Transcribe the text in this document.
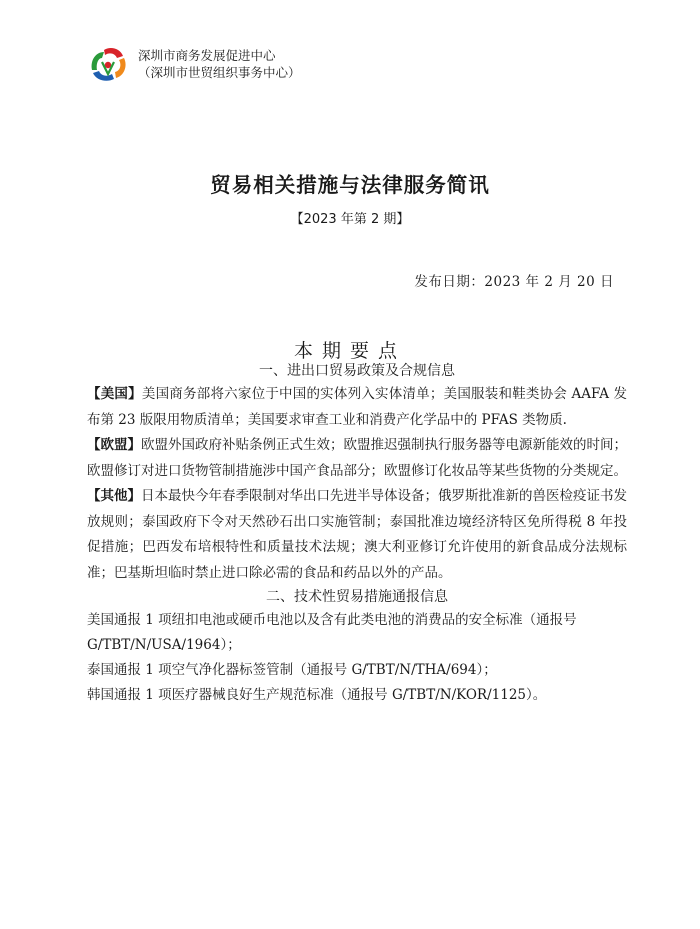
深圳市商务发展促进中心
（深圳市世贸组织事务中心）
贸易相关措施与法律服务简讯
【2023 年第 2 期】
发布日期：2023 年 2 月 20 日
本期要点
一、进出口贸易政策及合规信息

【美国】美国商务部将六家位于中国的实体列入实体清单；美国服装和鞋类协会 AAFA 发布第 23 版限用物质清单；美国要求审查工业和消费产化学品中的 PFAS 类物质.

【欧盟】欧盟外国政府补贴条例正式生效；欧盟推迟强制执行服务器等电源新能效的时间；欧盟修订对进口货物管制措施涉中国产食品部分；欧盟修订化妆品等某些货物的分类规定。

【其他】日本最快今年春季限制对华出口先进半导体设备；俄罗斯批准新的兽医检疫证书发放规则；泰国政府下令对天然砂石出口实施管制；泰国批准边境经济特区免所得税 8 年投促措施；巴西发布培根特性和质量技术法规；澳大利亚修订允许使用的新食品成分法规标准；巴基斯坦临时禁止进口除必需的食品和药品以外的产品。

二、技术性贸易措施通报信息

美国通报 1 项纽扣电池或硬币电池以及含有此类电池的消费品的安全标准（通报号 G/TBT/N/USA/1964）；

泰国通报 1 项空气净化器标签管制（通报号 G/TBT/N/THA/694）；

韩国通报 1 项医疗器械良好生产规范标准（通报号 G/TBT/N/KOR/1125）。
